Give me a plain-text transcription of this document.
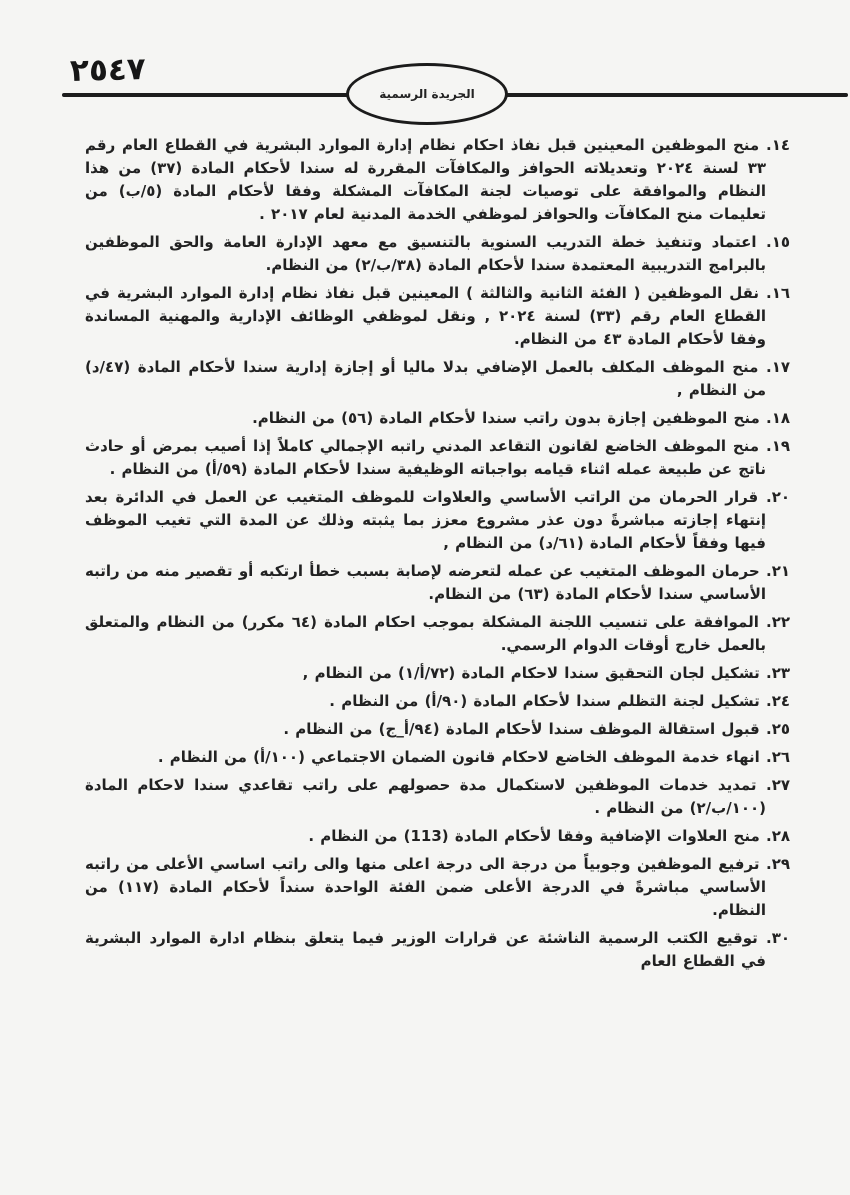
٢٥٤٧
الجريدة الرسمية
١٤. منح الموظفين المعينين قبل نفاذ احكام نظام إدارة الموارد البشرية في القطاع العام رقم ٣٣ لسنة ٢٠٢٤ وتعديلاته الحوافز والمكافآت المقررة له سندا لأحكام المادة (٣٧) من هذا النظام والموافقة على توصيات لجنة المكافآت المشكلة وفقا لأحكام المادة (٥/ب) من تعليمات منح المكافآت والحوافز لموظفي الخدمة المدنية لعام ٢٠١٧ .
١٥. اعتماد وتنفيذ خطة التدريب السنوية بالتنسيق مع معهد الإدارة العامة والحق الموظفين بالبرامج التدريبية المعتمدة سندا لأحكام المادة (٣٨/ب/٢) من النظام.
١٦. نقل الموظفين ( الفئة الثانية والثالثة ) المعينين قبل نفاذ نظام إدارة الموارد البشرية في القطاع العام رقم (٣٣) لسنة ٢٠٢٤ , ونقل لموظفي الوظائف الإدارية والمهنية المساندة وفقا لأحكام المادة ٤٣ من النظام.
١٧. منح الموظف المكلف بالعمل الإضافي بدلا ماليا أو إجازة إدارية سندا لأحكام المادة (٤٧/د) من النظام ,
١٨. منح الموظفين إجازة بدون راتب سندا لأحكام المادة (٥٦) من النظام.
١٩. منح الموظف الخاضع لقانون التقاعد المدني راتبه الإجمالي كاملاً إذا أصيب بمرض أو حادث ناتج عن طبيعة عمله اثناء قيامه بواجباته الوظيفية سندا لأحكام المادة (٥٩/أ) من النظام .
٢٠. قرار الحرمان من الراتب الأساسي والعلاوات للموظف المتغيب عن العمل في الدائرة بعد إنتهاء إجازته مباشرةً دون عذر مشروع معزز بما يثبته وذلك عن المدة التي تغيب الموظف فيها وفقاً لأحكام المادة (٦١/د) من النظام ,
٢١. حرمان الموظف المتغيب عن عمله لتعرضه لإصابة بسبب خطأ ارتكبه أو تقصير منه من راتبه الأساسي سندا لأحكام المادة (٦٣) من النظام.
٢٢. الموافقة على تنسيب اللجنة المشكلة بموجب احكام المادة (٦٤ مكرر) من النظام والمتعلق بالعمل خارج أوقات الدوام الرسمي.
٢٣. تشكيل لجان التحقيق سندا لاحكام المادة (٧٢/أ/١) من النظام ,
٢٤. تشكيل لجنة التظلم سندا لأحكام المادة (٩٠/أ) من النظام .
٢٥. قبول استقالة الموظف سندا لأحكام المادة (٩٤/أ_ج) من النظام .
٢٦. انهاء خدمة الموظف الخاضع لاحكام قانون الضمان الاجتماعي (١٠٠/أ) من النظام .
٢٧. تمديد خدمات الموظفين لاستكمال مدة حصولهم على راتب تقاعدي سندا لاحكام المادة (١٠٠/ب/٢) من النظام .
٢٨. منح العلاوات الإضافية وفقا لأحكام المادة (113) من النظام .
٢٩. ترفيع الموظفين وجوبياً من درجة الى درجة اعلى منها والى راتب اساسي الأعلى من راتبه الأساسي مباشرةً في الدرجة الأعلى ضمن الفئة الواحدة سنداً لأحكام المادة (١١٧) من النظام.
٣٠. توقيع الكتب الرسمية الناشئة عن قرارات الوزير فيما يتعلق بنظام ادارة الموارد البشرية في القطاع العام
